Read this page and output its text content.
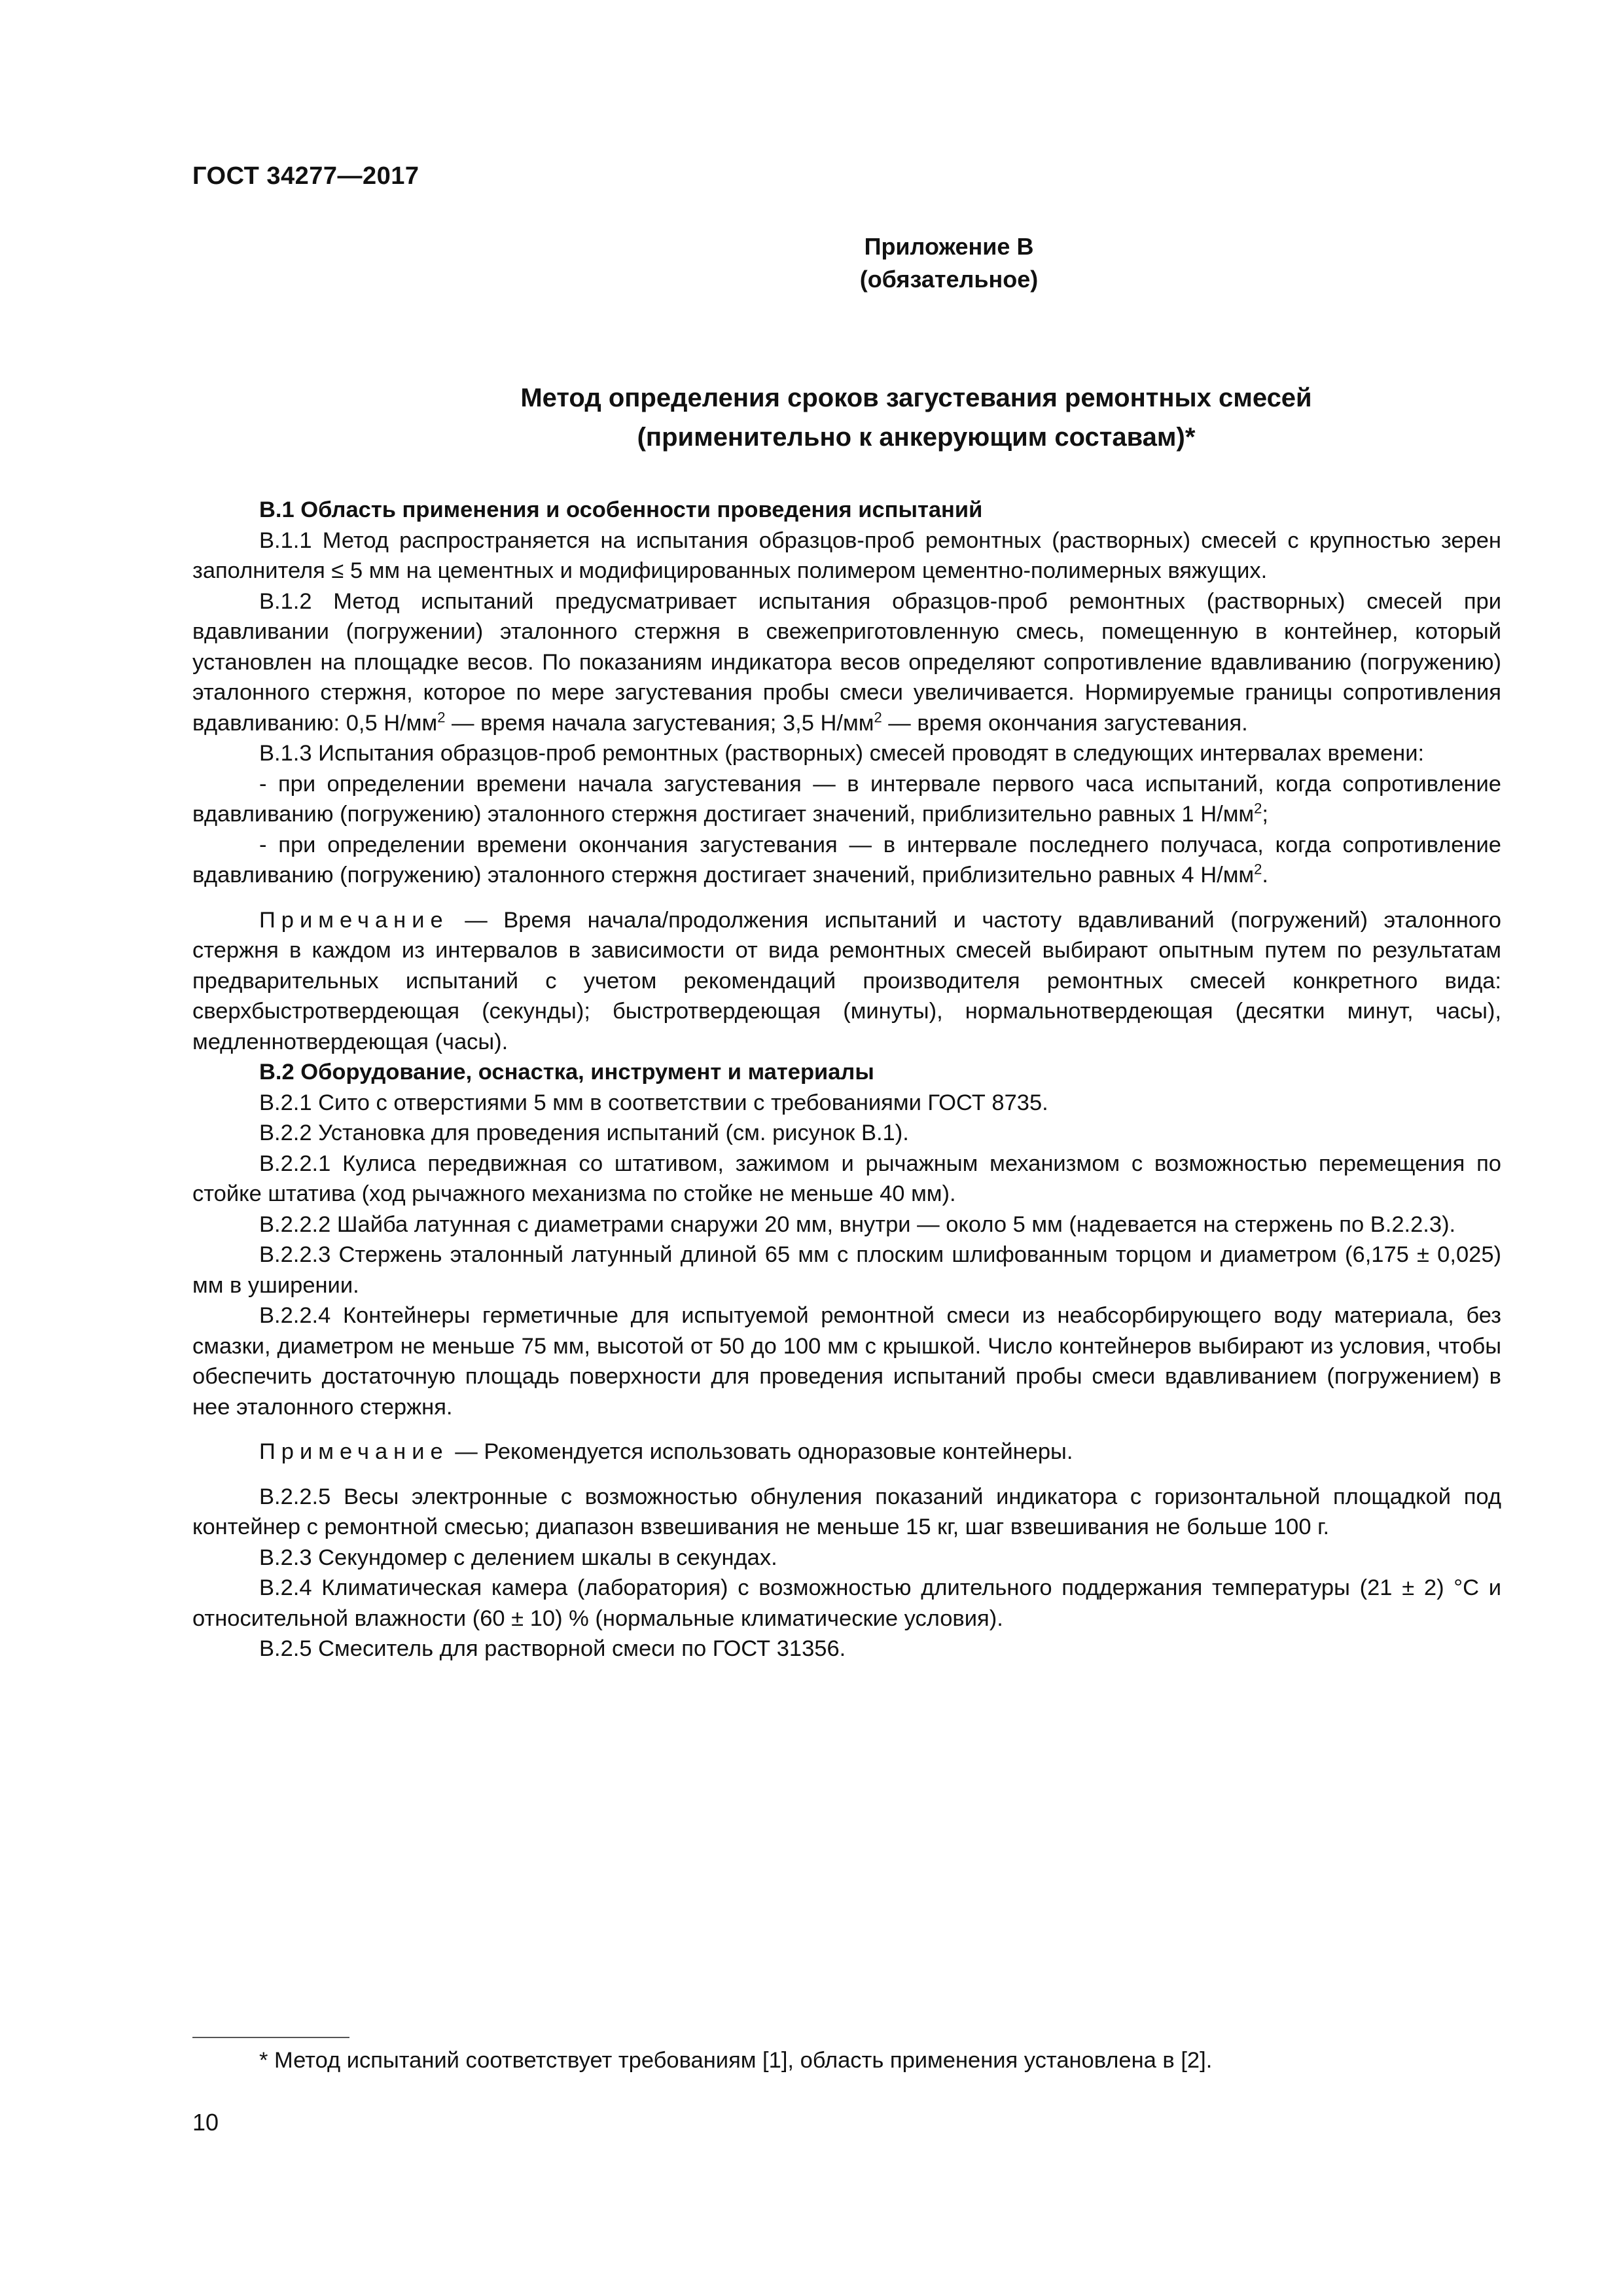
ГОСТ 34277—2017
Приложение В
(обязательное)
Метод определения сроков загустевания ремонтных смесей
(применительно к анкерующим составам)*

В.1 Область применения и особенности проведения испытаний

В.1.1 Метод распространяется на испытания образцов-проб ремонтных (растворных) смесей с крупностью зерен заполнителя ≤ 5 мм на цементных и модифицированных полимером цементно-полимерных вяжущих.

В.1.2 Метод испытаний предусматривает испытания образцов-проб ремонтных (растворных) смесей при вдавливании (погружении) эталонного стержня в свежеприготовленную смесь, помещенную в контейнер, который установлен на площадке весов. По показаниям индикатора весов определяют сопротивление вдавливанию (погружению) эталонного стержня, которое по мере загустевания пробы смеси увеличивается. Нормируемые границы сопротивления вдавливанию: 0,5 $Н/мм^2$ — время начала загустевания; 3,5 $Н/мм^2$ — время окончания загустевания.

В.1.3 Испытания образцов-проб ремонтных (растворных) смесей проводят в следующих интервалах времени:

- при определении времени начала загустевания — в интервале первого часа испытаний, когда сопротивление вдавливанию (погружению) эталонного стержня достигает значений, приблизительно равных 1 $Н/мм^2$;

- при определении времени окончания загустевания — в интервале последнего получаса, когда сопротивление вдавливанию (погружению) эталонного стержня достигает значений, приблизительно равных 4 $Н/мм^2$.

Примечание — Время начала/продолжения испытаний и частоту вдавливаний (погружений) эталонного стержня в каждом из интервалов в зависимости от вида ремонтных смесей выбирают опытным путем по результатам предварительных испытаний с учетом рекомендаций производителя ремонтных смесей конкретного вида: сверхбыстротвердеющая (секунды); быстротвердеющая (минуты), нормальнотвердеющая (десятки минут, часы), медленнотвердеющая (часы).

В.2 Оборудование, оснастка, инструмент и материалы

В.2.1 Сито с отверстиями 5 мм в соответствии с требованиями ГОСТ 8735.

В.2.2 Установка для проведения испытаний (см. рисунок В.1).

В.2.2.1 Кулиса передвижная со штативом, зажимом и рычажным механизмом с возможностью перемещения по стойке штатива (ход рычажного механизма по стойке не меньше 40 мм).

В.2.2.2 Шайба латунная с диаметрами снаружи 20 мм, внутри — около 5 мм (надевается на стержень по В.2.2.3).

В.2.2.3 Стержень эталонный латунный длиной 65 мм с плоским шлифованным торцом и диаметром (6,175 ± 0,025) мм в уширении.

В.2.2.4 Контейнеры герметичные для испытуемой ремонтной смеси из неабсорбирующего воду материала, без смазки, диаметром не меньше 75 мм, высотой от 50 до 100 мм с крышкой. Число контейнеров выбирают из условия, чтобы обеспечить достаточную площадь поверхности для проведения испытаний пробы смеси вдавливанием (погружением) в нее эталонного стержня.

Примечание — Рекомендуется использовать одноразовые контейнеры.

В.2.2.5 Весы электронные с возможностью обнуления показаний индикатора с горизонтальной площадкой под контейнер с ремонтной смесью; диапазон взвешивания не меньше 15 кг, шаг взвешивания не больше 100 г.

В.2.3 Секундомер с делением шкалы в секундах.

В.2.4 Климатическая камера (лаборатория) с возможностью длительного поддержания температуры (21 ± 2) °С и относительной влажности (60 ± 10) % (нормальные климатические условия).

В.2.5 Смеситель для растворной смеси по ГОСТ 31356.

* Метод испытаний соответствует требованиям [1], область применения установлена в [2].
10
